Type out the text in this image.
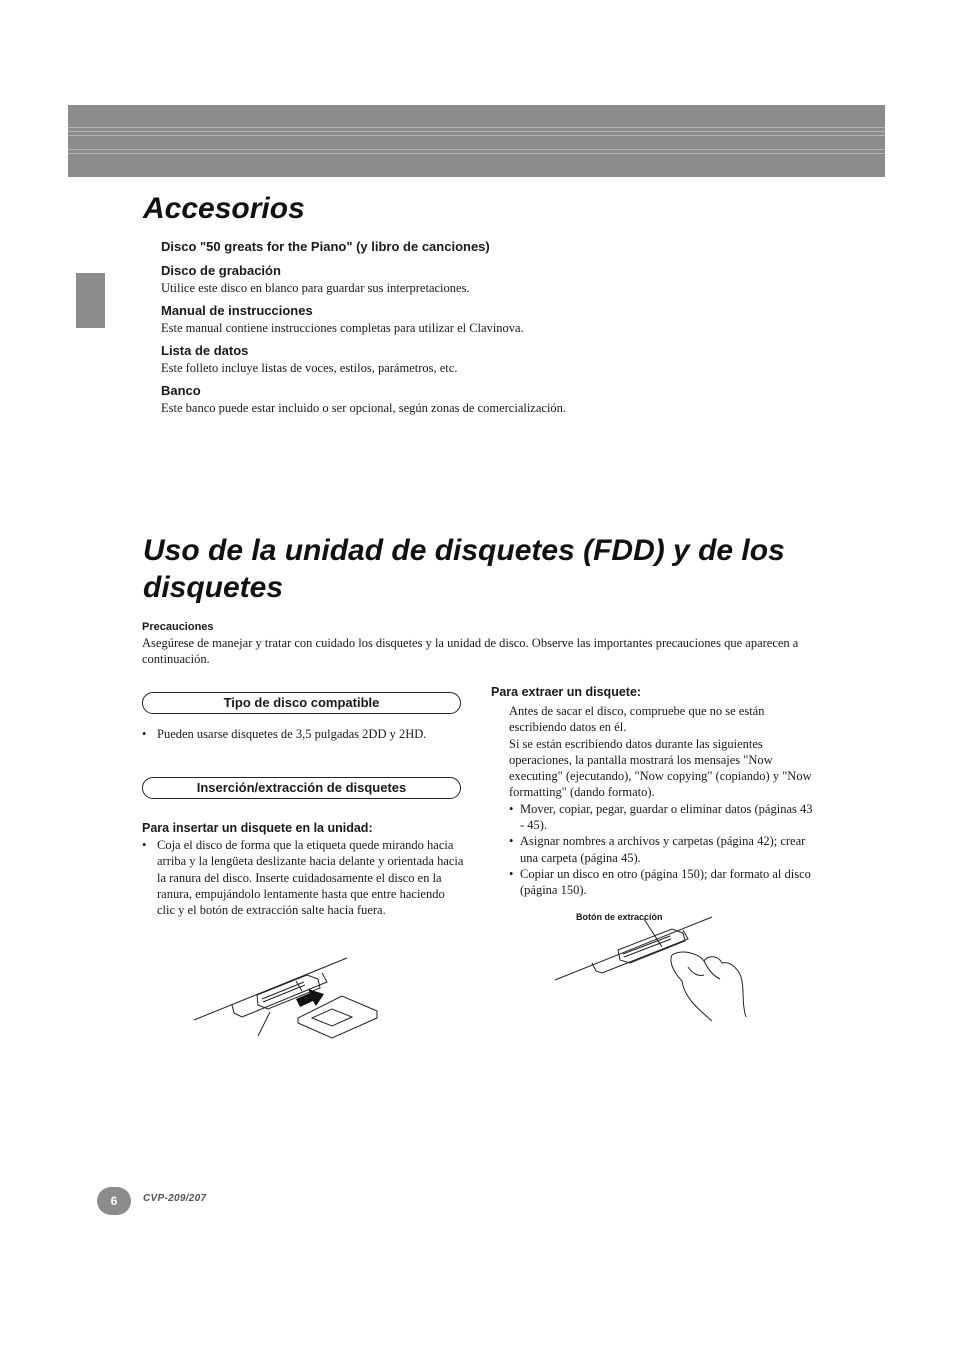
Accesorios
Disco "50 greats for the Piano" (y libro de canciones)
Disco de grabación
Utilice este disco en blanco para guardar sus interpretaciones.
Manual de instrucciones
Este manual contiene instrucciones completas para utilizar el Clavinova.
Lista de datos
Este folleto incluye listas de voces, estilos, parámetros, etc.
Banco
Este banco puede estar incluido o ser opcional, según zonas de comercialización.
Uso de la unidad de disquetes (FDD) y de los disquetes
Precauciones
Asegúrese de manejar y tratar con cuidado los disquetes y la unidad de disco. Observe las importantes precauciones que aparecen a continuación.
Tipo de disco compatible
• Pueden usarse disquetes de 3,5 pulgadas 2DD y 2HD.
Inserción/extracción de disquetes
Para insertar un disquete en la unidad:
• Coja el disco de forma que la etiqueta quede mirando hacia arriba y la lengüeta deslizante hacia delante y orientada hacia la ranura del disco. Inserte cuidadosamente el disco en la ranura, empujándolo lentamente hasta que entre haciendo clic y el botón de extracción salte hacia fuera.
Para extraer un disquete:
Antes de sacar el disco, compruebe que no se están escribiendo datos en él.
Si se están escribiendo datos durante las siguientes operaciones, la pantalla mostrará los mensajes "Now executing" (ejecutando), "Now copying" (copiando) y "Now formatting" (dando formato).
• Mover, copiar, pegar, guardar o eliminar datos (páginas 43 - 45).
• Asignar nombres a archivos y carpetas (página 42); crear una carpeta (página 45).
• Copiar un disco en otro (página 150); dar formato al disco (página 150).
Botón de extracción
6	CVP-209/207
